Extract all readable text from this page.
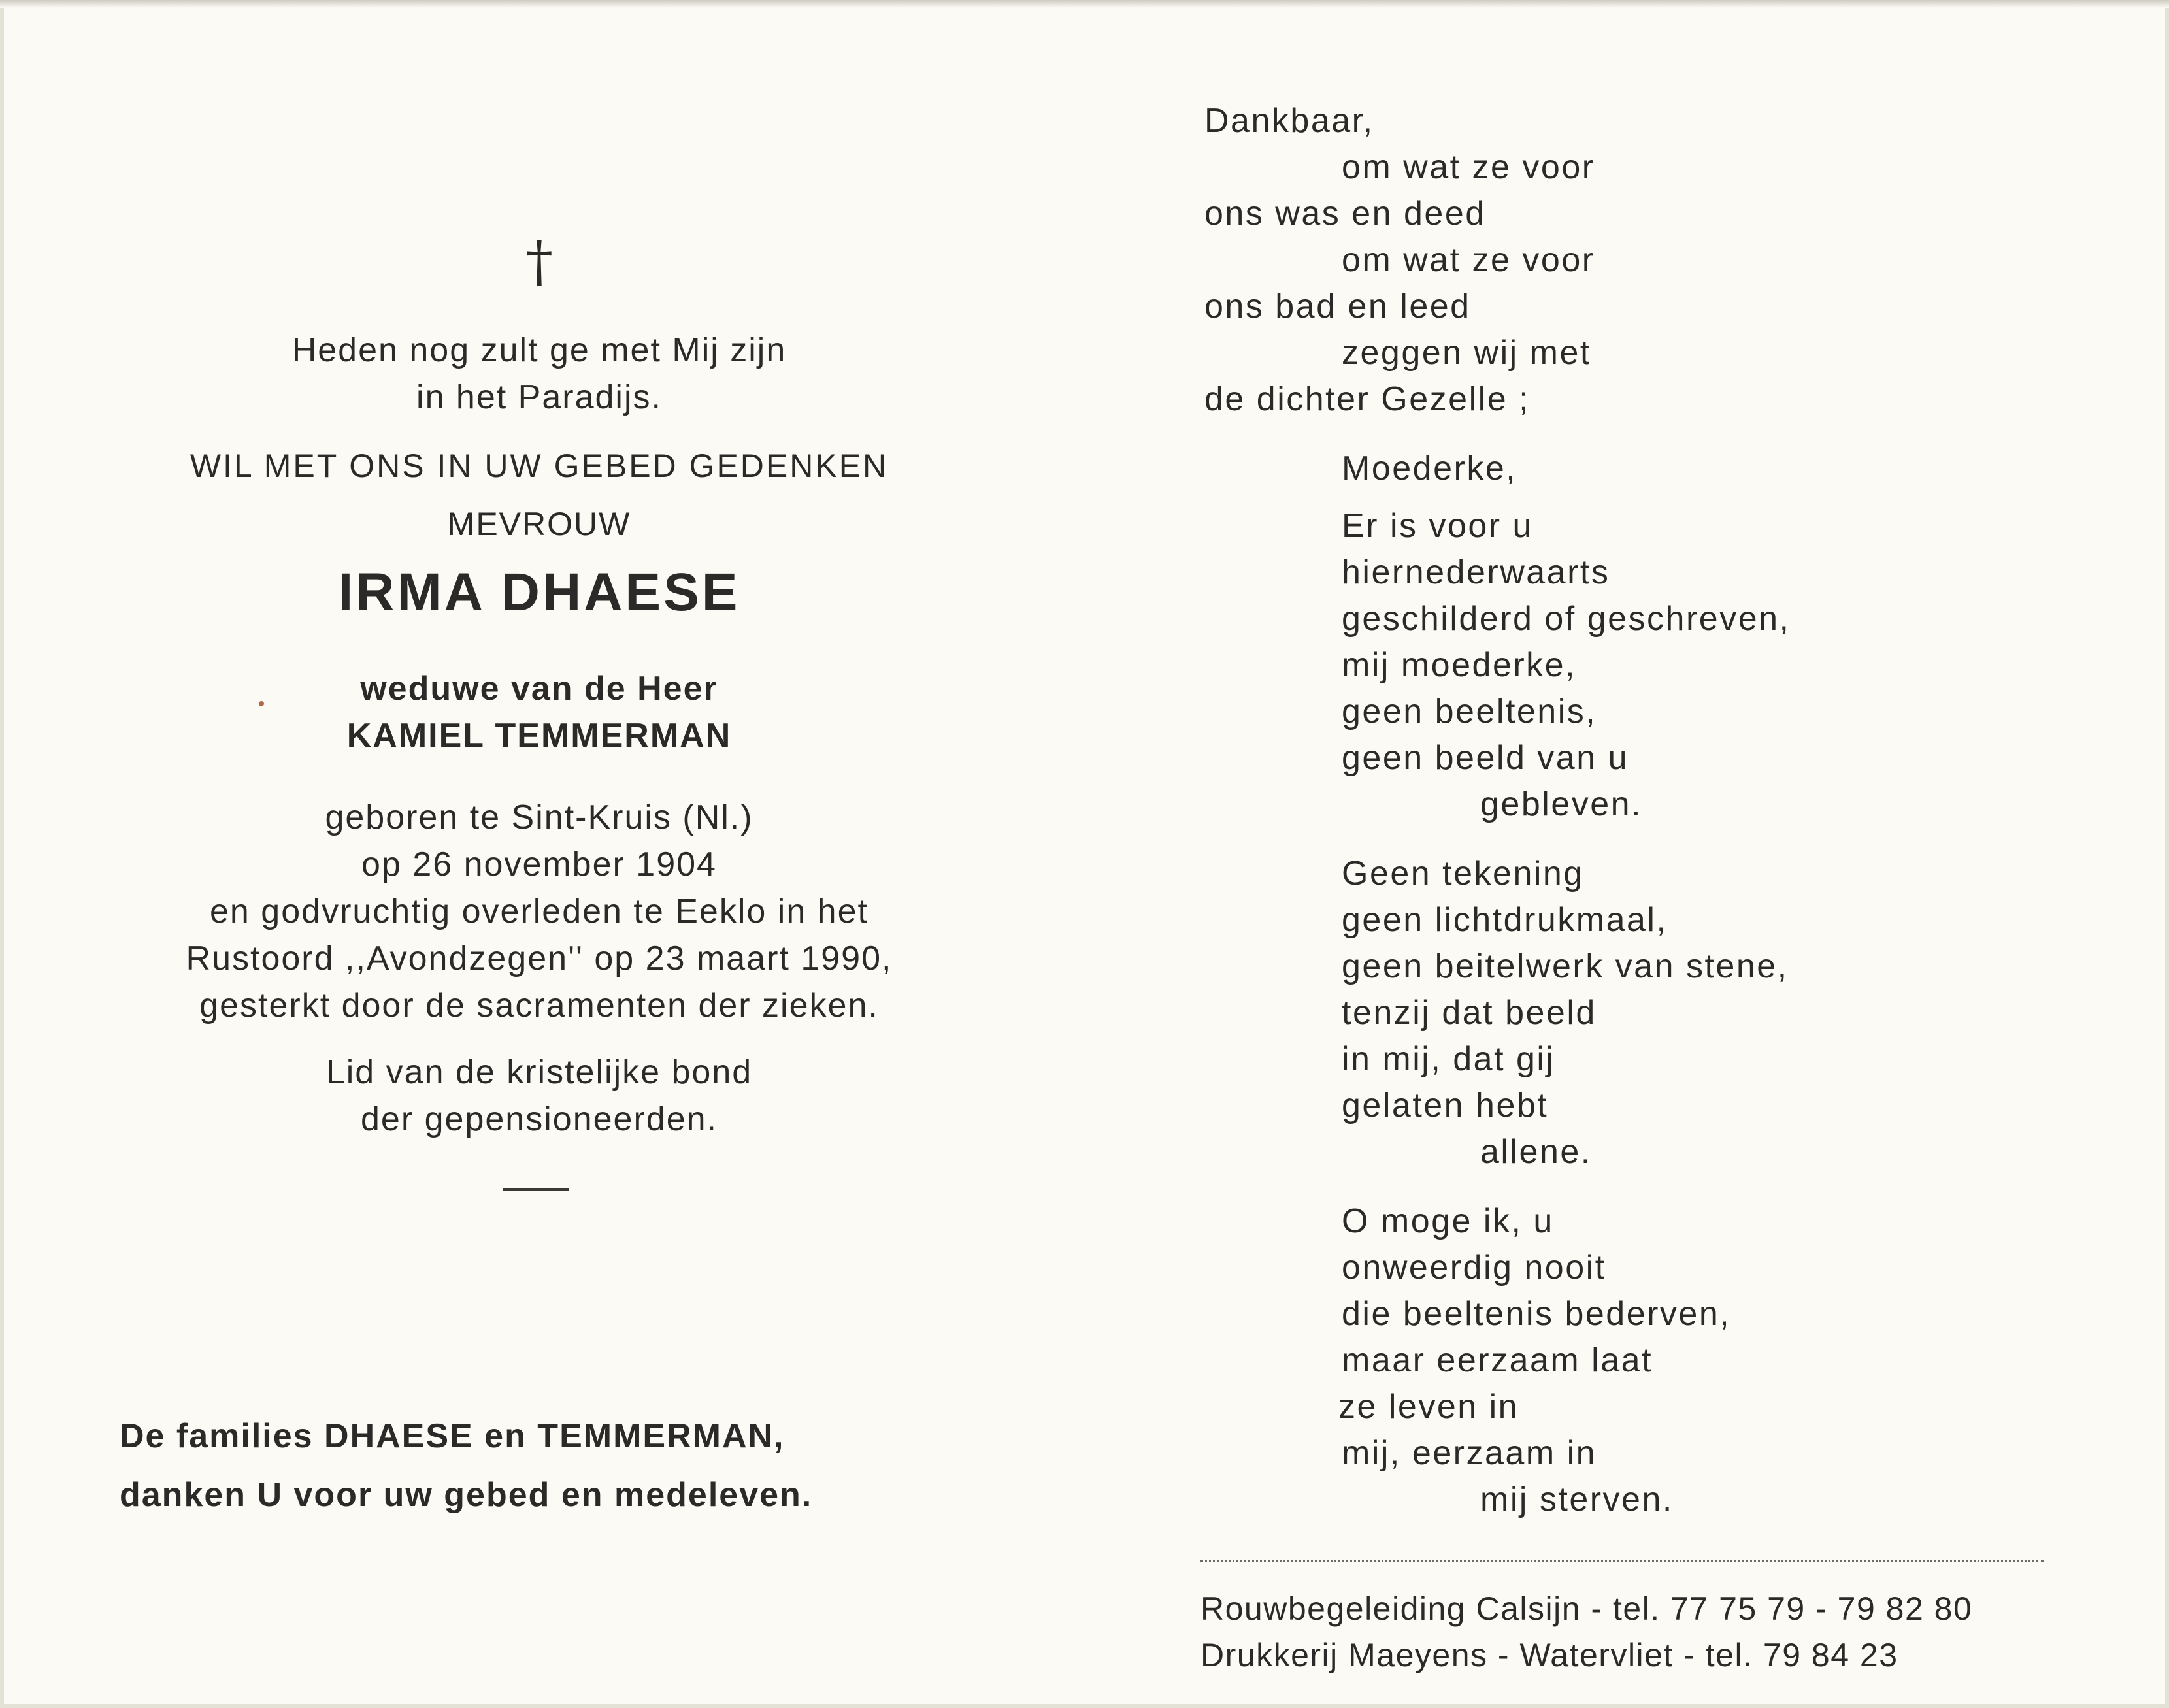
†
Heden nog zult ge met Mij zijn
in het Paradijs.
WIL MET ONS IN UW GEBED GEDENKEN
MEVROUW
IRMA DHAESE
weduwe van de Heer
KAMIEL TEMMERMAN
geboren te Sint-Kruis (Nl.)
op 26 november 1904
en godvruchtig overleden te Eeklo in het
Rustoord ,,Avondzegen'' op 23 maart 1990,
gesterkt door de sacramenten der zieken.
Lid van de kristelijke bond
der gepensioneerden.
De families DHAESE en TEMMERMAN,
danken U voor uw gebed en medeleven.
Dankbaar,
om wat ze voor
ons was en deed
om wat ze voor
ons bad en leed
zeggen wij met
de dichter Gezelle ;
Moederke,
Er is voor u
hiernederwaarts
geschilderd of geschreven,
mij moederke,
geen beeltenis,
geen beeld van u
gebleven.
Geen tekening
geen lichtdrukmaal,
geen beitelwerk van stene,
tenzij dat beeld
in mij, dat gij
gelaten hebt
allene.
O moge ik, u
onweerdig nooit
die beeltenis bederven,
maar eerzaam laat
ze leven in
mij, eerzaam in
mij sterven.
Rouwbegeleiding Calsijn - tel. 77 75 79 - 79 82 80
Drukkerij Maeyens - Watervliet - tel. 79 84 23
